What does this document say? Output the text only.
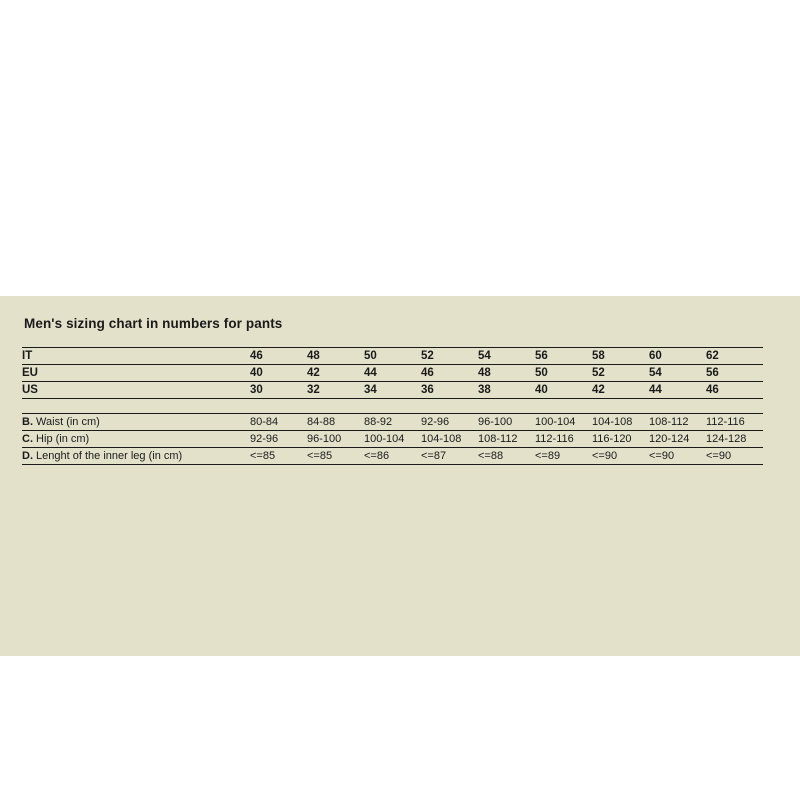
Men's sizing chart in numbers for pants
IT	46	48	50	52	54	56	58	60	62
EU	40	42	44	46	48	50	52	54	56
US	30	32	34	36	38	40	42	44	46

B. Waist (in cm)	80-84	84-88	88-92	92-96	96-100	100-104	104-108	108-112	112-116
C. Hip (in cm)	92-96	96-100	100-104	104-108	108-112	112-116	116-120	120-124	124-128
D. Lenght of the inner leg (in cm)	<=85	<=85	<=86	<=87	<=88	<=89	<=90	<=90	<=90
